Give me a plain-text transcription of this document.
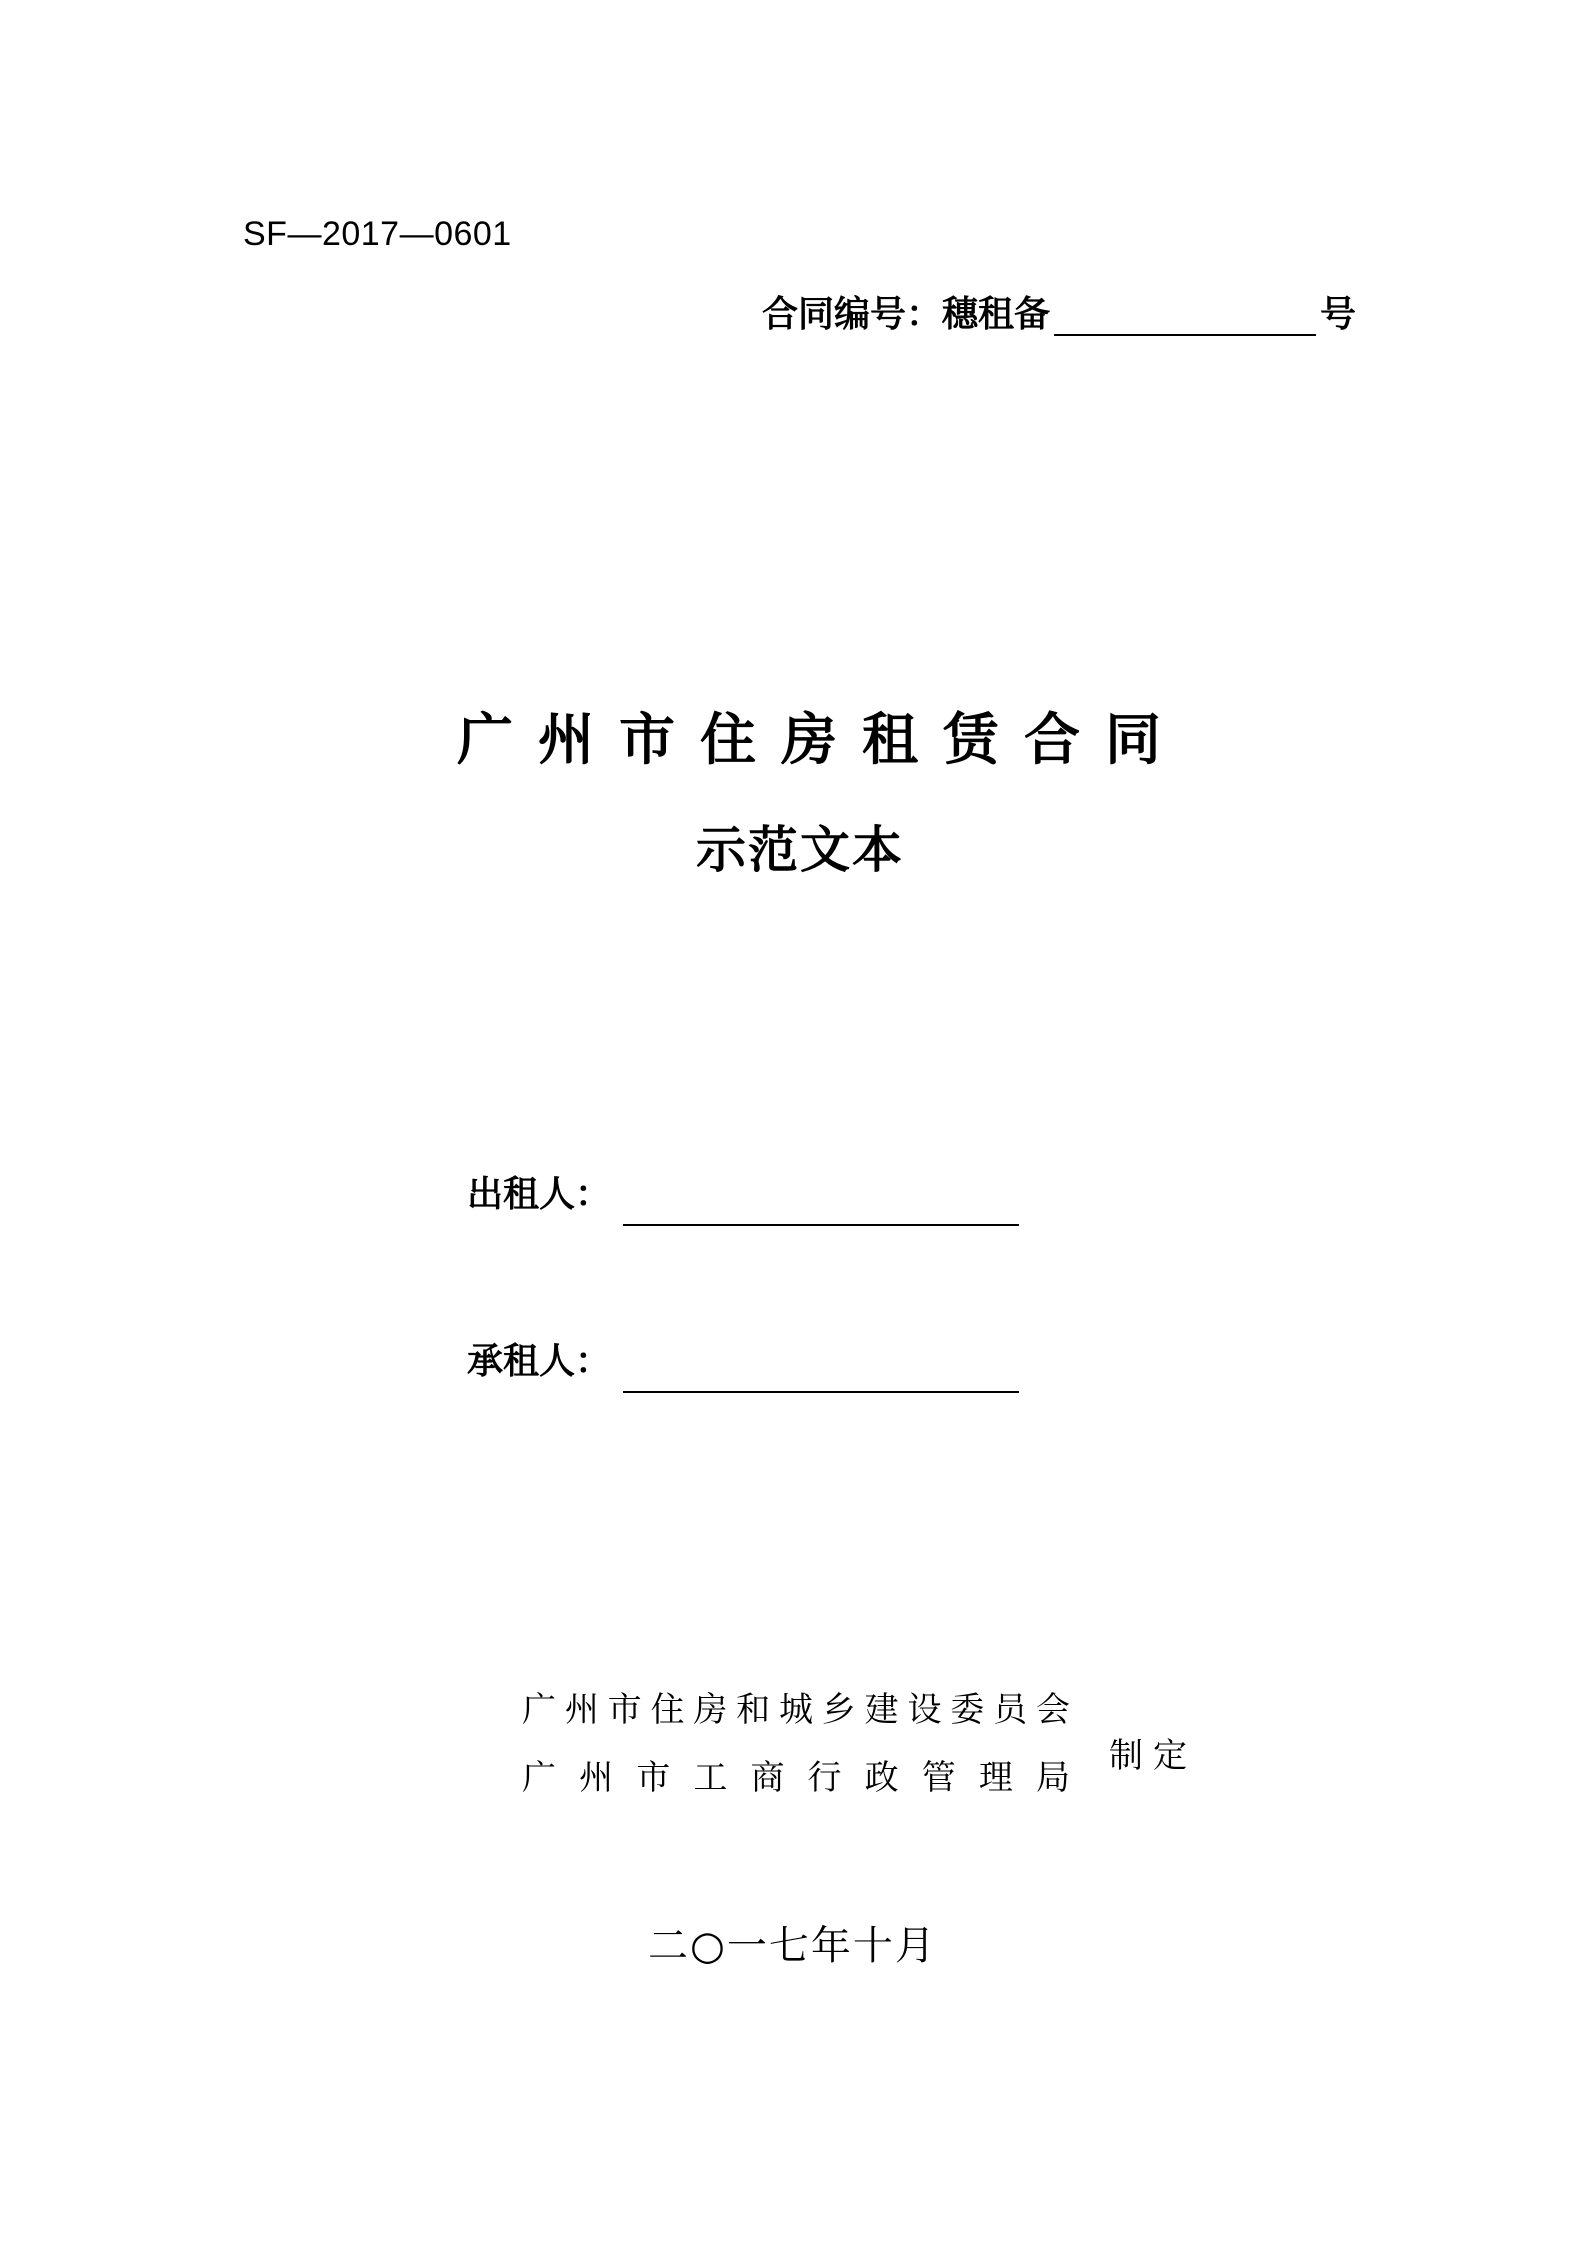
SF—2017—0601
合同编号：穗租备	号
广州市住房租赁合同
示范文本
出租人：
承租人：
广 州 市 住 房 和 城 乡 建 设 委 员 会
广 州 市 工 商 行 政 管 理 局
制定
二○一七年十月
